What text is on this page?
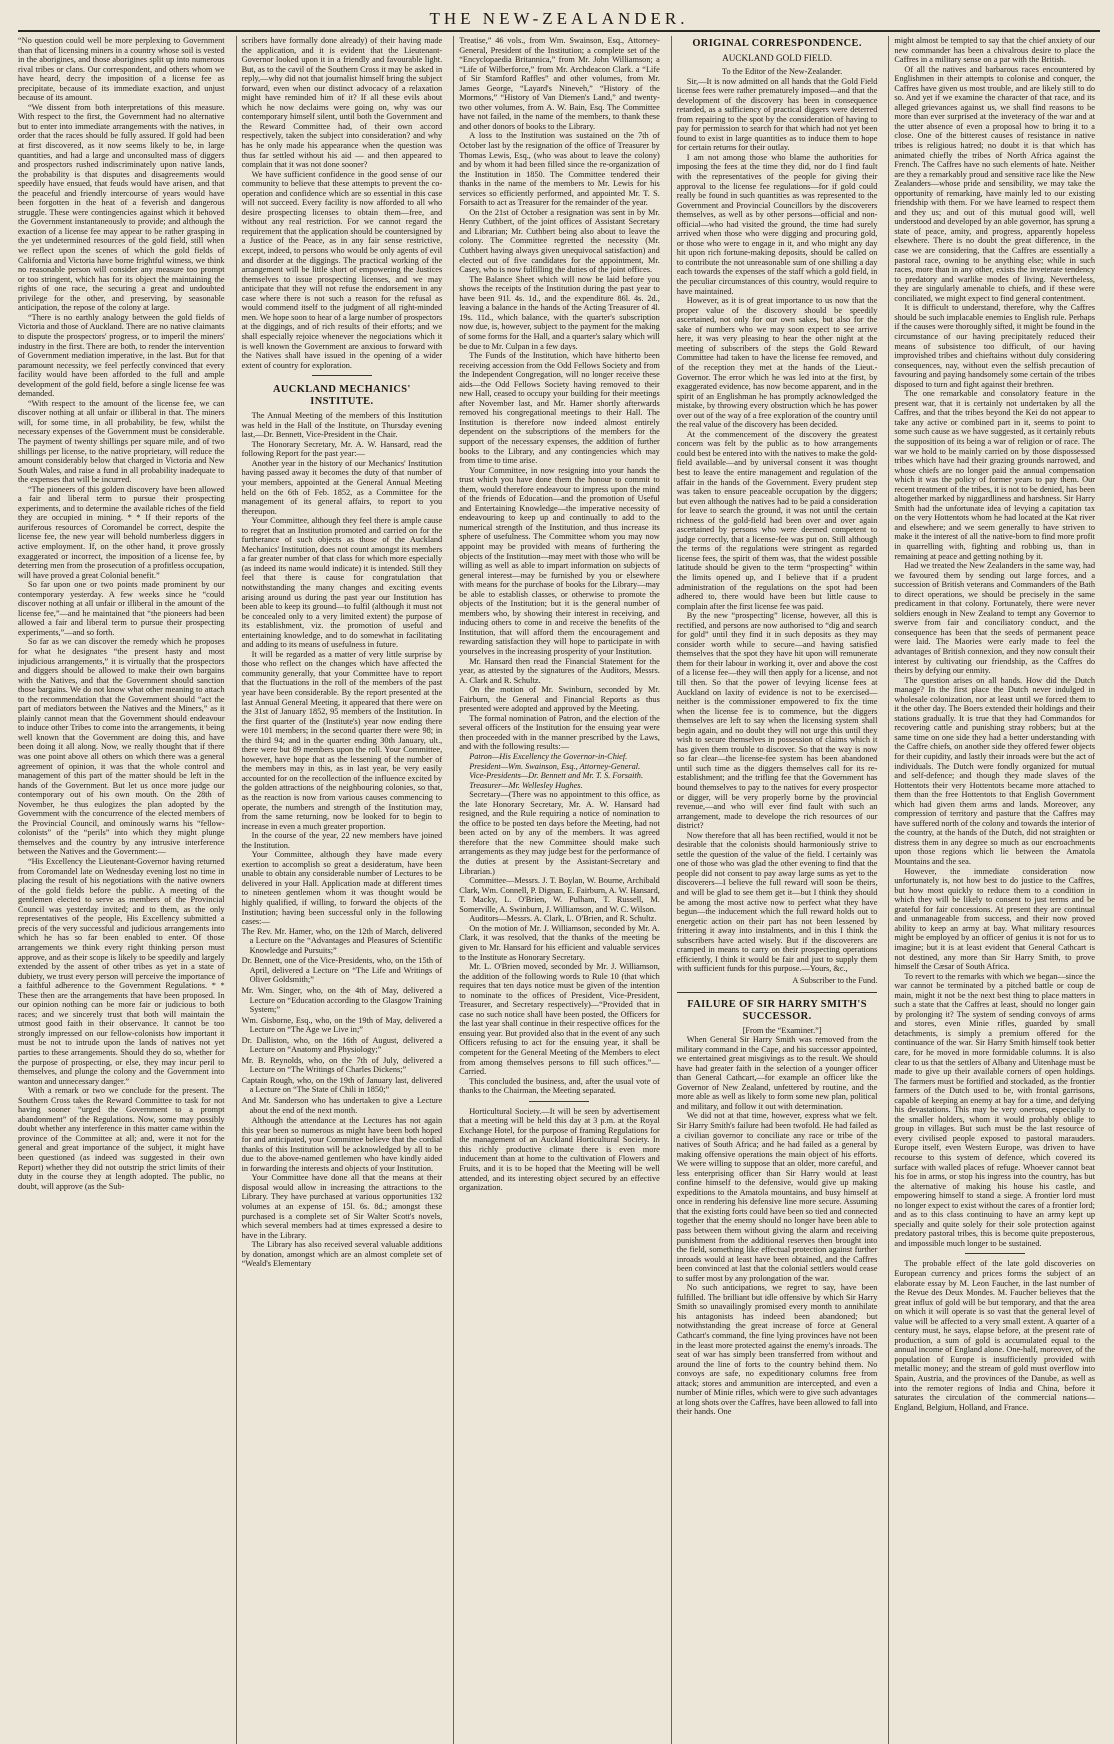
THE NEW-ZEALANDER.

“No question could well be more perplexing to Government than that of licensing miners in a country whose soil is vested in the aborigines, and those aborigines split up into numerous rival tribes or clans. Our correspondent, and others whom we have heard, decry the imposition of a license fee as precipitate, because of its immediate exaction, and unjust because of its amount.

“We dissent from both interpretations of this measure. With respect to the first, the Government had no alternative but to enter into immediate arrangements with the natives, in order that the races should be fully assured. If gold had been at first discovered, as it now seems likely to be, in large quantities, and had a large and unconsulted mass of diggers and prospectors rushed indiscriminately upon native lands, the probability is that disputes and disagreements would speedily have ensued, that feuds would have arisen, and that the peaceful and friendly intercourse of years would have been forgotten in the heat of a feverish and dangerous struggle. These were contingencies against which it behoved the Government instantaneously to provide; and although the exaction of a license fee may appear to be rather grasping in the yet undetermined resources of the gold field, still when we reflect upon the scenes of which the gold fields of California and Victoria have borne frightful witness, we think no reasonable person will consider any measure too prompt or too stringent, which has for its object the maintaining the rights of one race, the securing a great and undoubted privilege for the other, and preserving, by seasonable anticipation, the repose of the colony at large.

“There is no earthly analogy between the gold fields of Victoria and those of Auckland. There are no native claimants to dispute the prospectors' progress, or to imperil the miners' industry in the first. There are both, to render the intervention of Government mediation imperative, in the last. But for that paramount necessity, we feel perfectly convinced that every facility would have been afforded to the full and ample development of the gold field, before a single license fee was demanded.

“With respect to the amount of the license fee, we can discover nothing at all unfair or illiberal in that. The miners will, for some time, in all probability, be few, whilst the necessary expenses of the Government must be considerable. The payment of twenty shillings per square mile, and of two shillings per license, to the native proprietary, will reduce the amount considerably below that charged in Victoria and New South Wales, and raise a fund in all probability inadequate to the expenses that will be incurred.

“The pioneers of this golden discovery have been allowed a fair and liberal term to pursue their prospecting experiments, and to determine the available riches of the field they are occupied in mining. * * If their reports of the auriferous resources of Coromandel be correct, despite the license fee, the new year will behold numberless diggers in active employment. If, on the other hand, it prove grossly exaggerated or incorrect, the imposition of a license fee, by deterring men from the prosecution of a profitless occupation, will have proved a great Colonial benefit.”

So far upon one or two points made prominent by our contemporary yesterday. A few weeks since he “could discover nothing at all unfair or illiberal in the amount of the license fee,”—and he maintained that “the pioneers had been allowed a fair and liberal term to pursue their prospecting experiments,”—and so forth.

So far as we can discover the remedy which he proposes for what he designates “the present hasty and most injudicious arrangements,” it is virtually that the prospectors and diggers should be allowed to make their own bargains with the Natives, and that the Government should sanction those bargains. We do not know what other meaning to attach to the recommendation that the Government should “act the part of mediators between the Natives and the Miners,” as it plainly cannot mean that the Government should endeavour to induce other Tribes to come into the arrangements, it being well known that the Government are doing this, and have been doing it all along. Now, we really thought that if there was one point above all others on which there was a general agreement of opinion, it was that the whole control and management of this part of the matter should be left in the hands of the Government. But let us once more judge our contemporary out of his own mouth. On the 28th of November, he thus eulogizes the plan adopted by the Government with the concurrence of the elected members of the Provincial Council, and ominously warns his “fellow-colonists” of the “perils” into which they might plunge themselves and the country by any intrusive interference between the Natives and the Government:—

“His Excellency the Lieutenant-Governor having returned from Coromandel late on Wednesday evening lost no time in placing the result of his negotiations with the native owners of the gold fields before the public. A meeting of the gentlemen elected to serve as members of the Provincial Council was yesterday invited; and to them, as the only representatives of the people, His Excellency submitted a precis of the very successful and judicious arrangements into which he has so far been enabled to enter. Of those arrangements we think every right thinking person must approve, and as their scope is likely to be speedily and largely extended by the assent of other tribes as yet in a state of dubiety, we trust every person will perceive the importance of a faithful adherence to the Government Regulations. * * These then are the arrangements that have been proposed. In our opinion nothing can be more fair or judicious to both races; and we sincerely trust that both will maintain the utmost good faith in their observance. It cannot be too strongly impressed on our fellow-colonists how important it must be not to intrude upon the lands of natives not yet parties to these arrangements. Should they do so, whether for the purpose of prospecting, or else, they may incur peril to themselves, and plunge the colony and the Government into wanton and unnecessary danger.”

With a remark or two we conclude for the present. The Southern Cross takes the Reward Committee to task for not having sooner “urged the Government to a prompt abandonment” of the Regulations. Now, some may possibly doubt whether any interference in this matter came within the province of the Committee at all; and, were it not for the general and great importance of the subject, it might have been questioned (as indeed was suggested in their own Report) whether they did not outstrip the strict limits of their duty in the course they at length adopted. The public, no doubt, will approve (as the Sub-

scribers have formally done already) of their having made the application, and it is evident that the Lieutenant-Governor looked upon it in a friendly and favourable light. But, as to the cavil of the Southern Cross it may be asked in reply,—why did not that journalist himself bring the subject forward, even when our distinct advocacy of a relaxation might have reminded him of it? If all these evils about which he now declaims were going on, why was our contemporary himself silent, until both the Government and the Reward Committee had, of their own accord respectively, taken the subject into consideration? and why has he only made his appearance when the question was thus far settled without his aid — and then appeared to complain that it was not done sooner?

We have sufficient confidence in the good sense of our community to believe that these attempts to prevent the co-operation and confidence which are so essential in this case will not succeed. Every facility is now afforded to all who desire prospecting licenses to obtain them—free, and without any real restriction. For we cannot regard the requirement that the application should be countersigned by a Justice of the Peace, as in any fair sense restrictive, except, indeed, to persons who would be only agents of evil and disorder at the diggings. The practical working of the arrangement will be little short of empowering the Justices themselves to issue prospecting licenses, and we may anticipate that they will not refuse the endorsement in any case where there is not such a reason for the refusal as would commend itself to the judgment of all right-minded men. We hope soon to hear of a large number of prospectors at the diggings, and of rich results of their efforts; and we shall especially rejoice whenever the negociations which it is well known the Government are anxious to forward with the Natives shall have issued in the opening of a wider extent of country for exploration.

AUCKLAND MECHANICS' INSTITUTE.

The Annual Meeting of the members of this Institution was held in the Hall of the Institute, on Thursday evening last,—Dr. Bennett, Vice-President in the Chair.

The Honorary Secretary, Mr. A. W. Hansard, read the following Report for the past year:—

Another year in the history of our Mechanics' Institution having passed away it becomes the duty of that number of your members, appointed at the General Annual Meeting held on the 6th of Feb. 1852, as a Committee for the management of its general affairs, to report to you thereupon.

Your Committee, although they feel there is ample cause to regret that an Institution promoted and carried on for the furtherance of such objects as those of the Auckland Mechanics' Institution, does not count amongst its members a far greater number of that class for which more especially (as indeed its name would indicate) it is intended. Still they feel that there is cause for congratulation that notwithstanding the many changes and exciting events arising around us during the past year our Institution has been able to keep its ground—to fulfil (although it must not be concealed only to a very limited extent) the purpose of its establishment, viz. the promotion of useful and entertaining knowledge, and to do somewhat in facilitating and adding to its means of usefulness in future.

It will be regarded as a matter of very little surprise by those who reflect on the changes which have affected the community generally, that your Committee have to report that the fluctuations in the roll of the members of the past year have been considerable. By the report presented at the last Annual General Meeting, it appeared that there were on the 31st of January 1852, 95 members of the Institution. In the first quarter of the (Institute's) year now ending there were 101 members; in the second quarter there were 98; in the third 94; and in the quarter ending 30th January, ult., there were but 89 members upon the roll. Your Committee, however, have hope that as the lessening of the number of the members may in this, as in last year, be very easily accounted for on the recollection of the influence excited by the golden attractions of the neighbouring colonies, so that, as the reaction is now from various causes commencing to operate, the numbers and strength of the Institution may, from the same returning, now be looked for to begin to increase in even a much greater proportion.

In the course of the year, 22 new members have joined the Institution.

Your Committee, although they have made every exertion to accomplish so great a desideratum, have been unable to obtain any considerable number of Lectures to be delivered in your Hall. Application made at different times to nineteen gentlemen whom it was thought would be highly qualified, if willing, to forward the objects of the Institution; having been successful only in the following cases:—

The Rev. Mr. Hamer, who, on the 12th of March, delivered a Lecture on the “Advantages and Pleasures of Scientific Knowledge and Pursuits;”
Dr. Bennett, one of the Vice-Presidents, who, on the 15th of April, delivered a Lecture on “The Life and Writings of Oliver Goldsmith;”
Mr. Wm. Singer, who, on the 4th of May, delivered a Lecture on “Education according to the Glasgow Training System;”
Wm. Gisborne, Esq., who, on the 19th of May, delivered a Lecture on “The Age we Live in;”
Dr. Dalliston, who, on the 16th of August, delivered a Lecture on “Anatomy and Physiology;”
Mr. B. Reynolds, who, on the 7th of July, delivered a Lecture on “The Writings of Charles Dickens;”
Captain Rough, who, on the 19th of January last, delivered a Lecture on “The State of Chili in 1850;”
And Mr. Sanderson who has undertaken to give a Lecture about the end of the next month.

Although the attendance at the Lectures has not again this year been so numerous as might have been both hoped for and anticipated, your Committee believe that the cordial thanks of this Institution will be acknowledged by all to be due to the above-named gentlemen who have kindly aided in forwarding the interests and objects of your Institution.

Your Committee have done all that the means at their disposal would allow in increasing the attractions to the Library. They have purchased at various opportunities 132 volumes at an expense of 15l. 6s. 8d.; amongst these purchased is a complete set of Sir Walter Scott's novels, which several members had at times expressed a desire to have in the Library.

The Library has also received several valuable additions by donation, amongst which are an almost complete set of “Weald's Elementary

Treatise,” 46 vols., from Wm. Swainson, Esq., Attorney-General, President of the Institution; a complete set of the “Encyclopaedia Britannica,” from Mr. John Williamson; a “Life of Wilberforce,” from Mr. Archdeacon Clark. a “Life of Sir Stamford Raffles” and other volumes, from Mr. James George, “Layard's Nineveh,” “History of the Mormons,” “History of Van Diemen's Land,” and twenty-two other volumes, from A. W. Bain, Esq. The Committee have not failed, in the name of the members, to thank these and other donors of books to the Library.

A loss to the Institution was sustained on the 7th of October last by the resignation of the office of Treasurer by Thomas Lewis, Esq., (who was about to leave the colony) and by whom it had been filled since the re-organization of the Institution in 1850. The Committee tendered their thanks in the name of the members to Mr. Lewis for his services so efficiently performed, and appointed Mr. T. S. Forsaith to act as Treasurer for the remainder of the year.

On the 21st of October a resignation was sent in by Mr. Henry Cuthbert, of the joint offices of Assistant Secretary and Librarian; Mr. Cuthbert being also about to leave the colony. The Committee regretted the necessity (Mr. Cuthbert having always given unequivocal satisfaction) and elected out of five candidates for the appointment, Mr. Casey, who is now fulfilling the duties of the joint offices.

The Balance Sheet which will now be laid before you shows the receipts of the Institution during the past year to have been 91l. 4s. 1d., and the expenditure 86l. 4s. 2d., leaving a balance in the hands of the Acting Treasurer of 4l. 19s. 11d., which balance, with the quarter's subscription now due, is, however, subject to the payment for the making of some forms for the Hall, and a quarter's salary which will be due to Mr. Culpan in a few days.

The Funds of the Institution, which have hitherto been receiving accession from the Odd Fellows Society and from the Independent Congregation, will no longer receive these aids—the Odd Fellows Society having removed to their new Hall, ceased to occupy your building for their meetings after November last, and Mr. Hamer shortly afterwards removed his congregational meetings to their Hall. The Institution is therefore now indeed almost entirely dependent on the subscriptions of the members for the support of the necessary expenses, the addition of further books to the Library, and any contingencies which may from time to time arise.

Your Committee, in now resigning into your hands the trust which you have done them the honour to commit to them, would therefore endeavour to impress upon the mind of the friends of Education—and the promotion of Useful and Entertaining Knowledge—the imperative necessity of endeavouring to keep up and continually to add to the numerical strength of the Institution, and thus increase its sphere of usefulness. The Committee whom you may now appoint may be provided with means of furthering the objects of the Institution—may meet with those who will be willing as well as able to impart information on subjects of general interest—may be furnished by you or elsewhere with means for the purchase of books for the Library—may be able to establish classes, or otherwise to promote the objects of the Institution; but it is the general number of members who, by showing their interest in receiving, and inducing others to come in and receive the benefits of the Institution, that will afford them the encouragement and rewarding satisfaction they will hope to participate in with yourselves in the increasing prosperity of your Institution.

Mr. Hansard then read the Financial Statement for the year, as attested by the signatures of the Auditors, Messrs. A. Clark and R. Schultz.

On the motion of Mr. Swinburn, seconded by Mr. Fairburn, the General and Financial Reports as thus presented were adopted and approved by the Meeting.

The formal nomination of Patron, and the election of the several officers of the Institution for the ensuing year were then proceeded with in the manner prescribed by the Laws, and with the following results:—

Patron—His Excellency the Governor-in-Chief.

President—Wm. Swainson, Esq., Attorney-General.

Vice-Presidents—Dr. Bennett and Mr. T. S. Forsaith.

Treasurer—Mr. Wellesley Hughes.

Secretary—(There was no appointment to this office, as the late Honorary Secretary, Mr. A. W. Hansard had resigned, and the Rule requiring a notice of nomination to the office to be posted ten days before the Meeting, had not been acted on by any of the members. It was agreed therefore that the new Committee should make such arrangements as they may judge best for the performance of the duties at present by the Assistant-Secretary and Librarian.)

Committee—Messrs. J. T. Boylan, W. Bourne, Archibald Clark, Wm. Connell, P. Dignan, E. Fairburn, A. W. Hansard, T. Macky, L. O'Brien, W. Pulham, T. Russell, M. Somerville, A. Swinburn, J. Williamson, and W. C. Wilson.

Auditors—Messrs. A. Clark, L. O'Brien, and R. Schultz.

On the motion of Mr. J. Williamson, seconded by Mr. A. Clark, it was resolved, that the thanks of the meeting be given to Mr. Hansard for his efficient and valuable services to the Institute as Honorary Secretary.

Mr. L. O'Brien moved, seconded by Mr. J. Williamson, the addition of the following words to Rule 10 (that which requires that ten days notice must be given of the intention to nominate to the offices of President, Vice-President, Treasurer, and Secretary respectively)—“Provided that in case no such notice shall have been posted, the Officers for the last year shall continue in their respective offices for the ensuing year. But provided also that in the event of any such Officers refusing to act for the ensuing year, it shall be competent for the General Meeting of the Members to elect from among themselves persons to fill such offices.”—Carried.

This concluded the business, and, after the usual vote of thanks to the Chairman, the Meeting separated.

Horticultural Society.—It will be seen by advertisement that a meeting will be held this day at 3 p.m. at the Royal Exchange Hotel, for the purpose of framing Regulations for the management of an Auckland Horticultural Society. In this richly productive climate there is even more inducement than at home to the cultivation of Flowers and Fruits, and it is to be hoped that the Meeting will be well attended, and its interesting object secured by an effective organization.

ORIGINAL CORRESPONDENCE.
AUCKLAND GOLD FIELD.

To the Editor of the New-Zealander.

Sir,—It is now admitted on all hands that the Gold Field license fees were rather prematurely imposed—and that the development of the discovery has been in consequence retarded, as a sufficiency of practical diggers were deterred from repairing to the spot by the consideration of having to pay for permission to search for that which had not yet been found to exist in large quantities as to induce them to hope for certain returns for their outlay.

I am not among those who blame the authorities for imposing the fees at the time they did, nor do I find fault with the representatives of the people for giving their approval to the license fee regulations—for if gold could really be found in such quantities as was represented to the Government and Provincial Councillors by the discoverers themselves, as well as by other persons—official and non-official—who had visited the ground, the time had surely arrived when those who were digging and procuring gold, or those who were to engage in it, and who might any day hit upon rich fortune-making deposits, should be called on to contribute the not unreasonable sum of one shilling a day each towards the expenses of the staff which a gold field, in the peculiar circumstances of this country, would require to have maintained.

However, as it is of great importance to us now that the proper value of the discovery should be speedily ascertained, not only for our own sakes, but also for the sake of numbers who we may soon expect to see arrive here, it was very pleasing to hear the other night at the meeting of subscribers of the steps the Gold Reward Committee had taken to have the license fee removed, and of the reception they met at the hands of the Lieut.-Governor. The error which he was led into at the first, by exaggerated evidence, has now become apparent, and in the spirit of an Englishman he has promptly acknowledged the mistake, by throwing every obstruction which he has power over out of the way of a free exploration of the country until the real value of the discovery has been decided.

At the commencement of the discovery the greatest concern was felt by the public as to how arrangements could best be entered into with the natives to make the gold-field available—and by universal consent it was thought best to leave the entire management and regulation of the affair in the hands of the Government. Every prudent step was taken to ensure peaceable occupation by the diggers; but even although the natives had to be paid a consideration for leave to search the ground, it was not until the certain richness of the gold-field had been over and over again ascertained by persons who were deemed competent to judge correctly, that a license-fee was put on. Still although the terms of the regulations were stringent as regarded license fees, the spirit of them was, that the widest possible latitude should be given to the term “prospecting” within the limits opened up, and I believe that if a prudent administration of the regulations on the spot had been adhered to, there would have been but little cause to complain after the first license fee was paid.

By the new “prospecting” license, however, all this is rectified, and persons are now authorised to “dig and search for gold” until they find it in such deposits as they may consider worth while to secure—and having satisfied themselves that the spot they have hit upon will remunerate them for their labour in working it, over and above the cost of a license fee—they will then apply for a license, and not till then. So that the power of levying license fees at Auckland on laxity of evidence is not to be exercised—neither is the commissioner empowered to fix the time when the license fee is to commence, but the diggers themselves are left to say when the licensing system shall begin again, and no doubt they will not urge this until they wish to secure themselves in possession of claims which it has given them trouble to discover. So that the way is now so far clear—the license-fee system has been abandoned until such time as the diggers themselves call for its re-establishment; and the trifling fee that the Government has bound themselves to pay to the natives for every prospector or digger, will be very properly borne by the provincial revenue,—and who will ever find fault with such an arrangement, made to develope the rich resources of our district?

Now therefore that all has been rectified, would it not be desirable that the colonists should harmoniously strive to settle the question of the value of the field. I certainly was one of those who was glad the other evening to find that the people did not consent to pay away large sums as yet to the discoverers—I believe the full reward will soon be theirs, and will be glad to see them get it—but I think they should be among the most active now to perfect what they have begun—the inducement which the full reward holds out to energetic action on their part has not been lessened by frittering it away into instalments, and in this I think the subscribers have acted wisely. But if the discoverers are cramped in means to carry on their prospecting operations efficiently, I think it would be fair and just to supply them with sufficient funds for this purpose.—Yours, &c.,

A Subscriber to the Fund.
FAILURE OF SIR HARRY SMITH'S SUCCESSOR.

[From the “Examiner.”]

When General Sir Harry Smith was removed from the military command in the Cape, and his successor appointed, we entertained great misgivings as to the result. We should have had greater faith in the selection of a younger officer than General Cathcart,—for example an officer like the Governor of New Zealand, unfettered by routine, and the more able as well as likely to form some new plan, political and military, and follow it out with determination.

We did not at that time, however, express what we felt. Sir Harry Smith's failure had been twofold. He had failed as a civilian governor to conciliate any race or tribe of the natives of South Africa; and he had failed as a general by making offensive operations the main object of his efforts. We were willing to suppose that an older, more careful, and less enterprising officer than Sir Harry would at least confine himself to the defensive, would give up making expeditions to the Amatola mountains, and busy himself at once in rendering his defensive line more secure. Assuming that the existing forts could have been so tied and connected together that the enemy should no longer have been able to pass between them without giving the alarm and receiving punishment from the additional reserves then brought into the field, something like effectual protection against further inroads would at least have been obtained, and the Caffres been convinced at last that the colonial settlers would cease to suffer most by any prolongation of the war.

No such anticipations, we regret to say, have been fulfilled. The brilliant but idle offensive by which Sir Harry Smith so unavailingly promised every month to annihilate his antagonists has indeed been abandoned; but notwithstanding the great increase of force at General Cathcart's command, the fine lying provinces have not been in the least more protected against the enemy's inroads. The seat of war has simply been transferred from without and around the line of forts to the country behind them. No convoys are safe, no expeditionary columns free from attack; stores and ammunition are intercepted, and even a number of Minie rifles, which were to give such advantages at long shots over the Caffres, have been allowed to fall into their hands. One

might almost be tempted to say that the chief anxiety of our new commander has been a chivalrous desire to place the Caffres in a military sense on a par with the British.

Of all the natives and barbarous races encountered by Englishmen in their attempts to colonise and conquer, the Caffres have given us most trouble, and are likely still to do so. And yet if we examine the character of that race, and its alleged grievances against us, we shall find reasons to be more than ever surprised at the inveteracy of the war and at the utter absence of even a proposal how to bring it to a close. One of the bitterest causes of resistance in native tribes is religious hatred; no doubt it is that which has animated chiefly the tribes of North Africa against the French. The Caffres have no such elements of hate. Neither are they a remarkably proud and sensitive race like the New Zealanders—whose pride and sensibility, we may take the opportunity of remarking, have mainly led to our existing friendship with them. For we have learned to respect them and they us; and out of this mutual good will, well understood and developed by an able governor, has sprung a state of peace, amity, and progress, apparently hopeless elsewhere. There is no doubt the great difference, in the case we are considering, that the Caffres are essentially a pastoral race, owning to be anything else; while in such races, more than in any other, exists the inveterate tendency to predatory and warlike modes of living. Nevertheless, they are singularly amenable to chiefs, and if these were conciliated, we might expect to find general contentment.

It is difficult to understand, therefore, why the Caffres should be such implacable enemies to English rule. Perhaps if the causes were thoroughly sifted, it might be found in the circumstance of our having precipitately reduced their means of subsistence too difficult, of our having improvished tribes and chieftains without duly considering consequences, nay, without even the selfish precaution of favouring and paying handsomely some certain of the tribes disposed to turn and fight against their brethren.

The one remarkable and consolatory feature in the present war, that it is certainly not undertaken by all the Caffres, and that the tribes beyond the Kei do not appear to take any active or combined part in it, seems to point to some such cause as we have suggested, as it certainly rebuts the supposition of its being a war of religion or of race. The war we hold to be mainly carried on by those dispossessed tribes which have had their grazing grounds narrowed, and whose chiefs are no longer paid the annual compensation which it was the policy of former years to pay them. Our recent treatment of the tribes, it is not to be denied, has been altogether marked by niggardliness and harshness. Sir Harry Smith had the unfortunate idea of levying a capitation tax on the very Hottentots whom he had located at the Kat river and elsewhere; and we seem generally to have striven to make it the interest of all the native-born to find more profit in quarrelling with, fighting and robbing us, than in remaining at peace and getting nothing by it.

Had we treated the New Zealanders in the same way, had we favoured them by sending out large forces, and a succession of British veterans and Commanders of the Bath to direct operations, we should be precisely in the same predicament in that colony. Fortunately, there were never soldiers enough in New Zealand to tempt any Governor to swerve from fair and conciliatory conduct, and the consequence has been that the seeds of permanent peace were laid. The Maories were early made to feel the advantages of British connexion, and they now consult their interest by cultivating our friendship, as the Caffres do theirs by defying our enmity.

The question arises on all hands. How did the Dutch manage? In the first place the Dutch never indulged in wholesale colonization, nor at least until we forced them to it the other day. The Boers extended their holdings and their stations gradually. It is true that they had Commandos for recovering cattle and punishing stray robbers; but at the same time on one side they had a better understanding with the Caffre chiefs, on another side they offered fewer objects for their cupidity, and lastly their inroads were but the act of individuals. The Dutch were fondly organized for mutual and self-defence; and though they made slaves of the Hottentots their very Hottentots became more attached to them than the free Hottentots to that English Government which had given them arms and lands. Moreover, any compression of territory and pasture that the Caffres may have suffered north of the colony and towards the interior of the country, at the hands of the Dutch, did not straighten or distress them in any degree so much as our encroachments upon those regions which lie between the Amatola Mountains and the sea.

However, the immediate consideration now unfortunately is, not how best to do justice to the Caffres, but how most quickly to reduce them to a condition in which they will be likely to consent to just terms and be grateful for fair concessions. At present they are continual and unmanageable from success, and their now proved ability to keep an army at bay. What military resources might be employed by an officer of genius it is not for us to imagine; but it is at least evident that General Cathcart is not destined, any more than Sir Harry Smith, to prove himself the Cæsar of South Africa.

To revert to the remarks with which we began—since the war cannot be terminated by a pitched battle or coup de main, might it not be the next best thing to place matters in such a state that the Caffres at least, should no longer gain by prolonging it? The system of sending convoys of arms and stores, even Minie rifles, guarded by small detachments, is simply a premium offered for the continuance of the war. Sir Harry Smith himself took better care, for he moved in more formidable columns. It is also clear to us that the settlers of Albany and Uitenhage must be made to give up their available corners of open holdings. The farmers must be fortified and stockaded, as the frontier farmers of the Dutch used to be, with frontal garrisons, capable of keeping an enemy at bay for a time, and defying his devastations. This may be very onerous, especially to the smaller holders, whom it would probably oblige to group in villages. But such must be the last resource of every civilised people exposed to pastoral marauders. Europe itself, even Western Europe, was driven to have recourse to this system of defence, which covered its surface with walled places of refuge. Whoever cannot beat his foe in arms, or stop his ingress into the country, has but the alternative of making his house his castle, and empowering himself to stand a siege. A frontier lord must no longer expect to exist without the cares of a frontier lord; and as to this class continuing to have an army kept up specially and quite solely for their sole protection against predatory pastoral tribes, this is become quite preposterous, and impossible much longer to be sustained.

The probable effect of the late gold discoveries on European currency and prices forms the subject of an elaborate essay by M. Leon Faucher, in the last number of the Revue des Deux Mondes. M. Faucher believes that the great influx of gold will be but temporary, and that the area on which it will operate is so vast that the general level of value will be affected to a very small extent. A quarter of a century must, he says, elapse before, at the present rate of production, a sum of gold is accumulated equal to the annual income of England alone. One-half, moreover, of the population of Europe is insufficiently provided with metallic money; and the stream of gold must overflow into Spain, Austria, and the provinces of the Danube, as well as into the remoter regions of India and China, before it saturates the circulation of the commercial nations—England, Belgium, Holland, and France.
